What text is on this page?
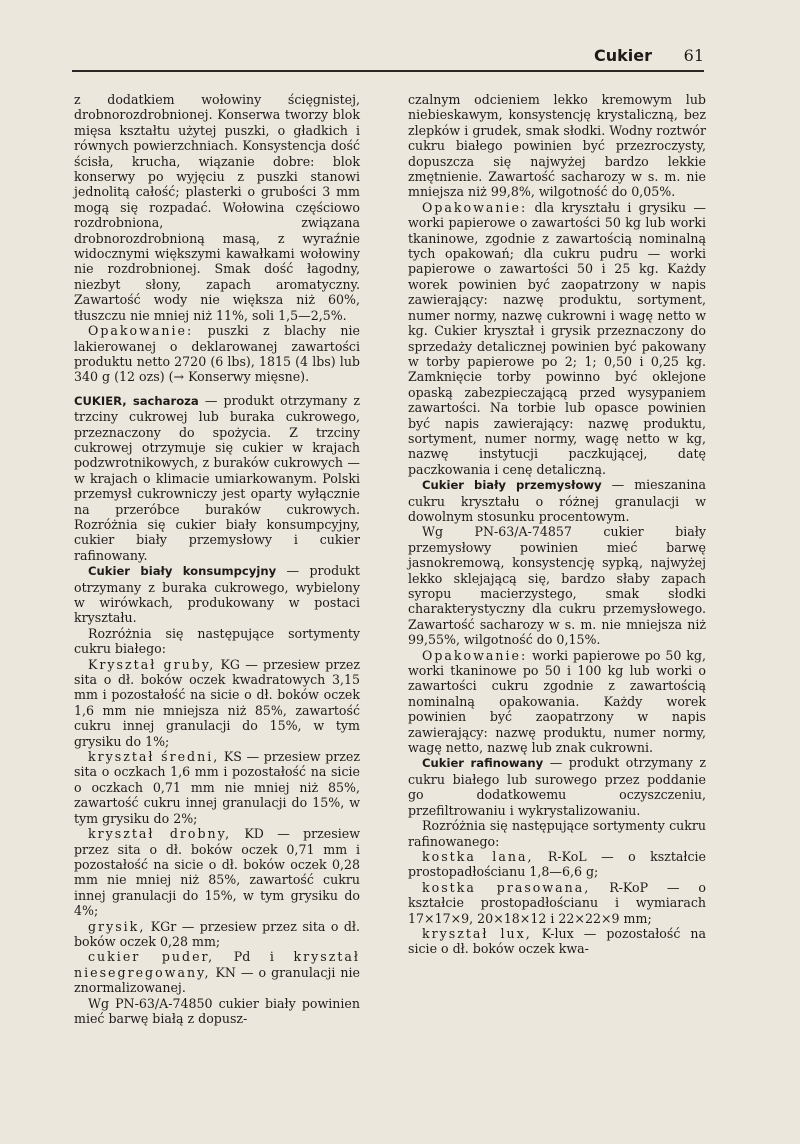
Cukier 61

z dodatkiem wołowiny ścięgnistej, drobnorozdrobnionej. Konserwa tworzy blok mięsa kształtu użytej puszki, o gładkich i równych powierzchniach. Konsystencja dość ścisła, krucha, wiązanie dobre: blok konserwy po wyjęciu z puszki stanowi jednolitą całość; plasterki o grubości 3 mm mogą się rozpadać. Wołowina częściowo rozdrobniona, związana drobnorozdrobnioną masą, z wyraźnie widocznymi większymi kawałkami wołowiny nie rozdrobnionej. Smak dość łagodny, niezbyt słony, zapach aromatyczny. Zawartość wody nie większa niż 60%, tłuszczu nie mniej niż 11%, soli 1,5—2,5%.

Opakowanie: puszki z blachy nie lakierowanej o deklarowanej zawartości produktu netto 2720 (6 lbs), 1815 (4 lbs) lub 340 g (12 ozs) (→ Konserwy mięsne).

CUKIER, sacharoza — produkt otrzymany z trzciny cukrowej lub buraka cukrowego, przeznaczony do spożycia. Z trzciny cukrowej otrzymuje się cukier w krajach podzwrotnikowych, z buraków cukrowych — w krajach o klimacie umiarkowanym. Polski przemysł cukrowniczy jest oparty wyłącznie na przeróbce buraków cukrowych. Rozróżnia się cukier biały konsumpcyjny, cukier biały przemysłowy i cukier rafinowany.

Cukier biały konsumpcyjny — produkt otrzymany z buraka cukrowego, wybielony w wirówkach, produkowany w postaci kryształu.

Rozróżnia się następujące sortymenty cukru białego:

Kryształ gruby, KG — przesiew przez sita o dł. boków oczek kwadratowych 3,15 mm i pozostałość na sicie o dł. boków oczek 1,6 mm nie mniejsza niż 85%, zawartość cukru innej granulacji do 15%, w tym grysiku do 1%;

kryształ średni, KS — przesiew przez sita o oczkach 1,6 mm i pozostałość na sicie o oczkach 0,71 mm nie mniej niż 85%, zawartość cukru innej granulacji do 15%, w tym grysiku do 2%;

kryształ drobny, KD — przesiew przez sita o dł. boków oczek 0,71 mm i pozostałość na sicie o dł. boków oczek 0,28 mm nie mniej niż 85%, zawartość cukru innej granulacji do 15%, w tym grysiku do 4%;

grysik, KGr — przesiew przez sita o dł. boków oczek 0,28 mm;

cukier puder, Pd i kryształ niesegregowany, KN — o granulacji nie znormalizowanej.

Wg PN-63/A-74850 cukier biały powinien mieć barwę białą z dopusz-

czalnym odcieniem lekko kremowym lub niebieskawym, konsystencję krystaliczną, bez zlepków i grudek, smak słodki. Wodny roztwór cukru białego powinien być przezroczysty, dopuszcza się najwyżej bardzo lekkie zmętnienie. Zawartość sacharozy w s. m. nie mniejsza niż 99,8%, wilgotność do 0,05%.

Opakowanie: dla kryształu i grysiku — worki papierowe o zawartości 50 kg lub worki tkaninowe, zgodnie z zawartością nominalną tych opakowań; dla cukru pudru — worki papierowe o zawartości 50 i 25 kg. Każdy worek powinien być zaopatrzony w napis zawierający: nazwę produktu, sortyment, numer normy, nazwę cukrowni i wagę netto w kg. Cukier kryształ i grysik przeznaczony do sprzedaży detalicznej powinien być pakowany w torby papierowe po 2; 1; 0,50 i 0,25 kg. Zamknięcie torby powinno być oklejone opaską zabezpieczającą przed wysypaniem zawartości. Na torbie lub opasce powinien być napis zawierający: nazwę produktu, sortyment, numer normy, wagę netto w kg, nazwę instytucji paczkującej, datę paczkowania i cenę detaliczną.

Cukier biały przemysłowy — mieszanina cukru kryształu o różnej granulacji w dowolnym stosunku procentowym.

Wg PN-63/A-74857 cukier biały przemysłowy powinien mieć barwę jasnokremową, konsystencję sypką, najwyżej lekko sklejającą się, bardzo słaby zapach syropu macierzystego, smak słodki charakterystyczny dla cukru przemysłowego. Zawartość sacharozy w s. m. nie mniejsza niż 99,55%, wilgotność do 0,15%.

Opakowanie: worki papierowe po 50 kg, worki tkaninowe po 50 i 100 kg lub worki o zawartości cukru zgodnie z zawartością nominalną opakowania. Każdy worek powinien być zaopatrzony w napis zawierający: nazwę produktu, numer normy, wagę netto, nazwę lub znak cukrowni.

Cukier rafinowany — produkt otrzymany z cukru białego lub surowego przez poddanie go dodatkowemu oczyszczeniu, przefiltrowaniu i wykrystalizowaniu.

Rozróżnia się następujące sortymenty cukru rafinowanego:

kostka lana, R-KoL — o kształcie prostopadłościanu 1,8—6,6 g;

kostka prasowana, R-KoP — o kształcie prostopadłościanu i wymiarach 17×17×9, 20×18×12 i 22×22×9 mm;

kryształ lux, K-lux — pozostałość na sicie o dł. boków oczek kwa-
